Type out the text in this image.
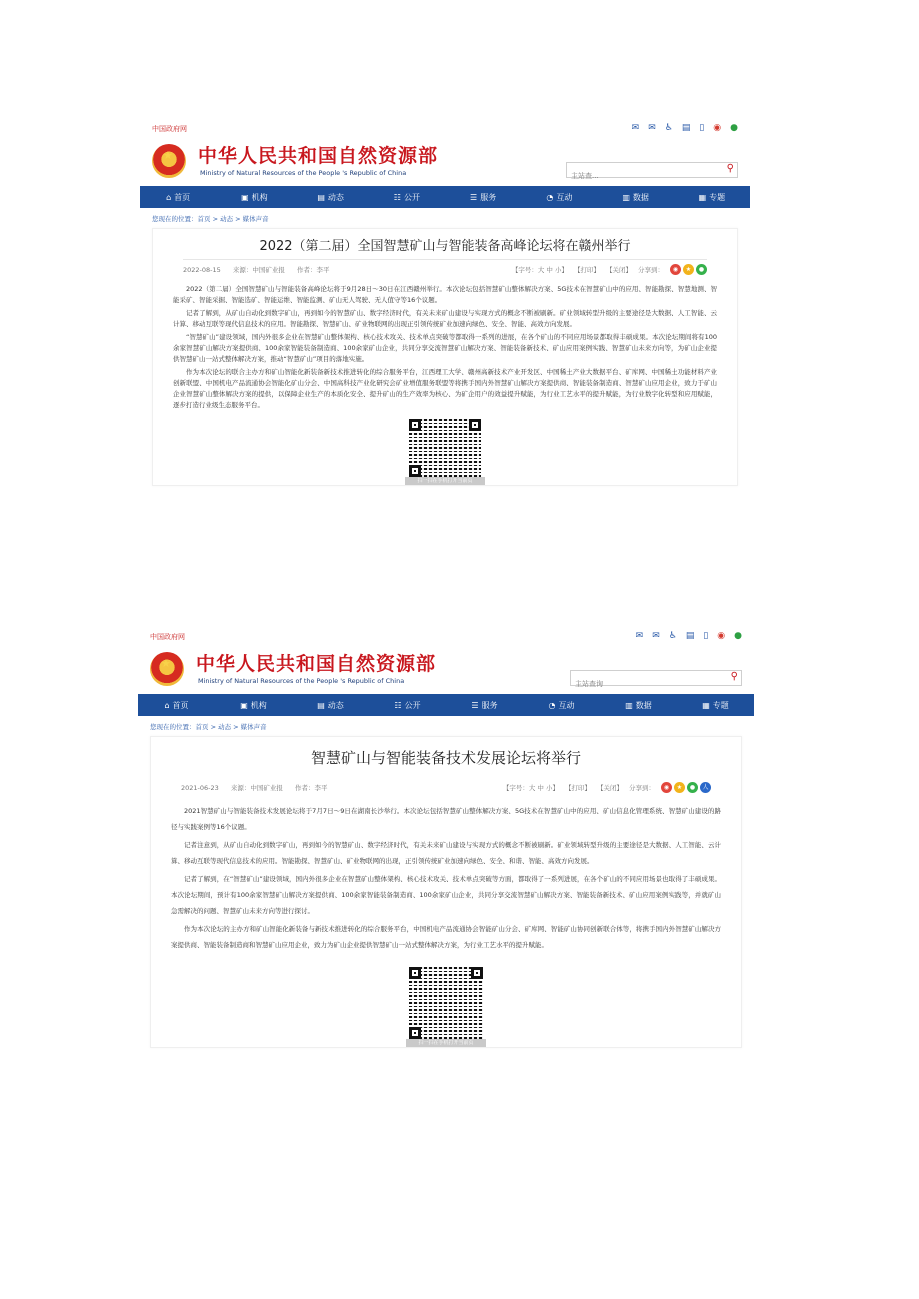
中国政府网	✉ ✉ ♿ ▤ ▯ ◉ ●
★
中华人民共和国自然资源部
Ministry of Natural Resources of the People 's Republic of China
主站查...	⚲
⌂ 首页	▣ 机构	▤ 动态	☷ 公开	☰ 服务	◔ 互动	▥ 数据	▦ 专题
您现在的位置：首页 > 动态 > 媒体声音
2022（第二届）全国智慧矿山与智能装备高峰论坛将在赣州举行
2022-08-15 来源：中国矿业报 作者：李平	【字号：大 中 小】 【打印】 【关闭】 分享到：	◉	★	●

2022（第二届）全国智慧矿山与智能装备高峰论坛将于9月28日～30日在江西赣州举行。本次论坛包括智慧矿山整体解决方案、5G技术在智慧矿山中的应用、智能勘探、智慧地测、智能采矿、智能采掘、智能选矿、智能运维、智能监测、矿山无人驾驶、无人值守等16个议题。

记者了解到，从矿山自动化到数字矿山，再到如今的智慧矿山、数字经济时代，有关未来矿山建设与实现方式的概念不断被刷新。矿业领域转型升级的主要途径是大数据、人工智能、云计算、移动互联等现代信息技术的应用。智能勘探、智慧矿山、矿业物联网的出现正引领传统矿业加速向绿色、安全、智能、高效方向发展。

“智慧矿山”建设领域，国内外很多企业在智慧矿山整体架构、核心技术攻关、技术单点突破等都取得一系列的进展，在各个矿山的不同应用场景都取得丰硕成果。本次论坛期间将有100余家智慧矿山解决方案提供商、100余家智能装备制造商、100余家矿山企业，共同分享交流智慧矿山解决方案、智能装备新技术、矿山应用案例实践、智慧矿山未来方向等，为矿山企业提供智慧矿山一站式整体解决方案，推动“智慧矿山”项目的落地实施。

作为本次论坛的联合主办方和矿山智能化新装备新技术推进转化的综合服务平台，江西理工大学、赣州高新技术产业开发区、中国稀土产业大数据平台、矿库网、中国稀土功能材料产业创新联盟、中国机电产品流通协会智能化矿山分会、中国高科技产业化研究会矿业增值服务联盟等将携手国内外智慧矿山解决方案提供商、智能装备制造商、智慧矿山应用企业，致力于矿山企业智慧矿山整体解决方案的提供，以保障企业生产的本质化安全、提升矿山的生产效率为核心、为矿企用户的效益提升赋能，为行业工艺水平的提升赋能，为行业数字化转型和应用赋能，逐步打造行业级生态服务平台。

扫一扫在手机打开当前页
中国政府网	✉ ✉ ♿ ▤ ▯ ◉ ●
★
中华人民共和国自然资源部
Ministry of Natural Resources of the People 's Republic of China
主站查询	⚲
⌂ 首页	▣ 机构	▤ 动态	☷ 公开	☰ 服务	◔ 互动	▥ 数据	▦ 专题
您现在的位置：首页 > 动态 > 媒体声音
智慧矿山与智能装备技术发展论坛将举行
2021-06-23 来源：中国矿业报 作者：李平	【字号：大 中 小】 【打印】 【关闭】 分享到：	◉	★	●	人

2021智慧矿山与智能装备技术发展论坛将于7月7日～9日在湖南长沙举行。本次论坛包括智慧矿山整体解决方案、5G技术在智慧矿山中的应用、矿山信息化管理系统、智慧矿山建设的路径与实践案例等16个议题。

记者注意到，从矿山自动化到数字矿山，再到如今的智慧矿山、数字经济时代，有关未来矿山建设与实现方式的概念不断被刷新。矿业领域转型升级的主要途径是大数据、人工智能、云计算、移动互联等现代信息技术的应用。智能勘探、智慧矿山、矿业物联网的出现，正引领传统矿业加速向绿色、安全、和谐、智能、高效方向发展。

记者了解到，在“智慧矿山”建设领域，国内外很多企业在智慧矿山整体架构、核心技术攻关、技术单点突破等方面，都取得了一系列进展，在各个矿山的不同应用场景也取得了丰硕成果。本次论坛期间，预计有100余家智慧矿山解决方案提供商、100余家智能装备制造商、100余家矿山企业，共同分享交流智慧矿山解决方案、智能装备新技术、矿山应用案例实践等，并就矿山急需解决的问题、智慧矿山未来方向等进行探讨。

作为本次论坛的主办方和矿山智能化新装备与新技术推进转化的综合服务平台，中国机电产品流通协会智能矿山分会、矿库网、智能矿山协同创新联合体等，将携手国内外智慧矿山解决方案提供商、智能装备制造商和智慧矿山应用企业，致力为矿山企业提供智慧矿山一站式整体解决方案，为行业工艺水平的提升赋能。

扫一扫在手机打开当前页
